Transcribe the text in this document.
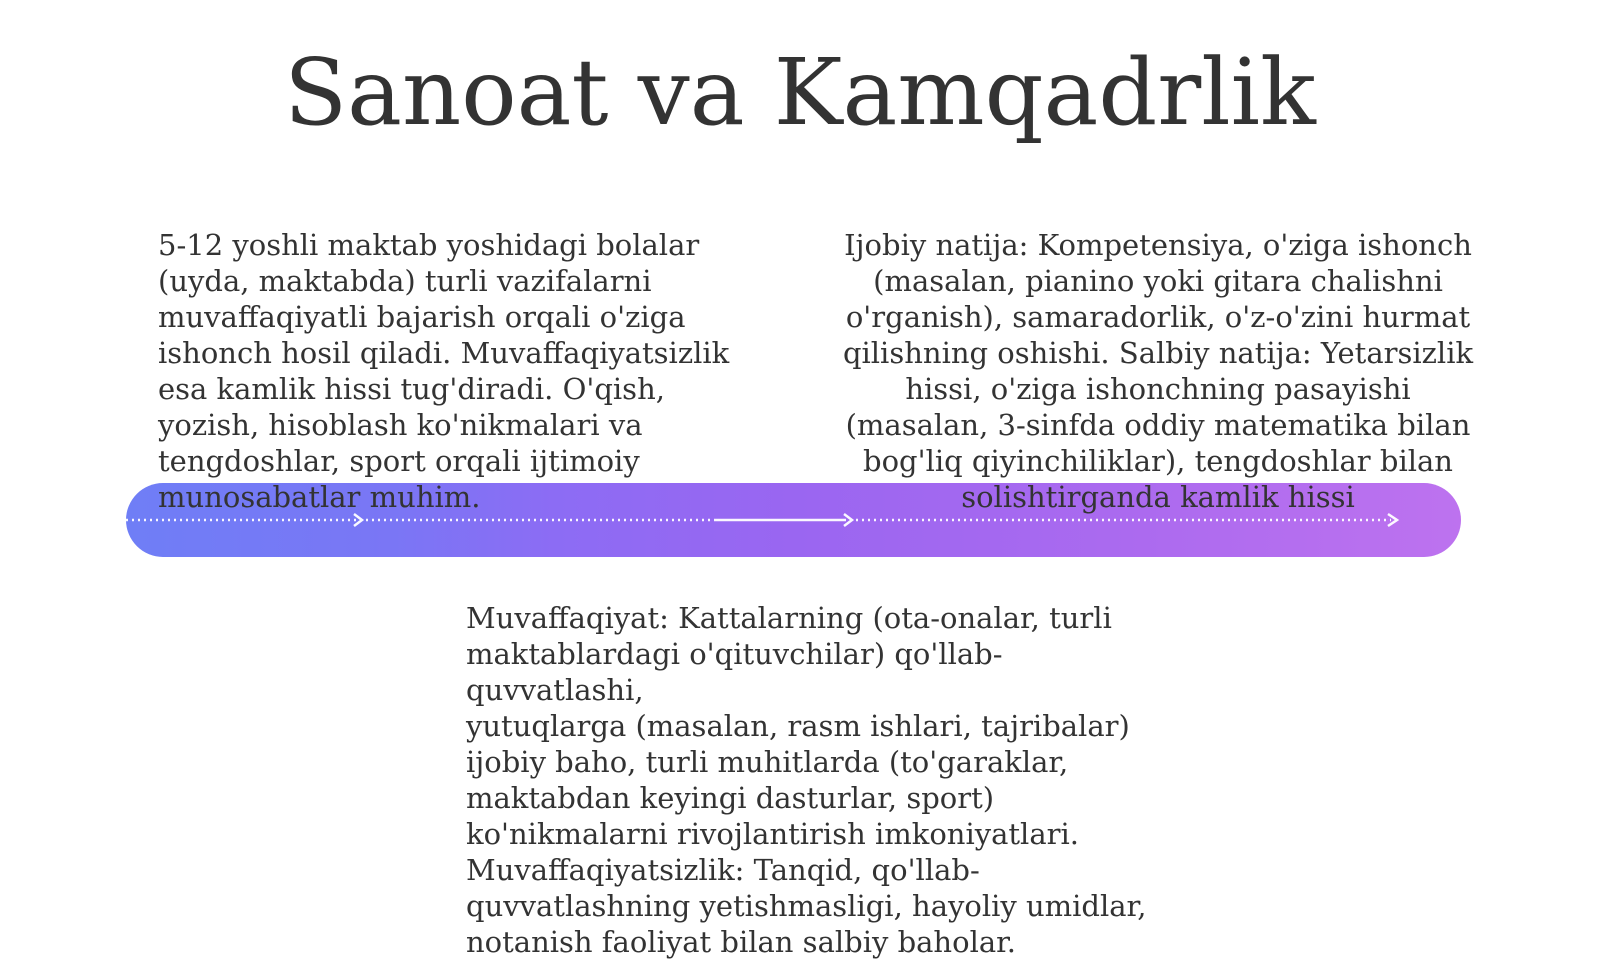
Sanoat va Kamqadrlik
5-12 yoshli maktab yoshidagi bolalar
(uyda, maktabda) turli vazifalarni
muvaffaqiyatli bajarish orqali o'ziga
ishonch hosil qiladi. Muvaffaqiyatsizlik
esa kamlik hissi tug'diradi. O'qish,
yozish, hisoblash ko'nikmalari va
tengdoshlar, sport orqali ijtimoiy
munosabatlar muhim.
Ijobiy natija: Kompetensiya, o'ziga ishonch
(masalan, pianino yoki gitara chalishni
o'rganish), samaradorlik, o'z-o'zini hurmat
qilishning oshishi. Salbiy natija: Yetarsizlik
hissi, o'ziga ishonchning pasayishi
(masalan, 3-sinfda oddiy matematika bilan
bog'liq qiyinchiliklar), tengdoshlar bilan
solishtirganda kamlik hissi
Muvaffaqiyat: Kattalarning (ota-onalar, turli
maktablardagi o'qituvchilar) qo'llab-quvvatlashi,
yutuqlarga (masalan, rasm ishlari, tajribalar)
ijobiy baho, turli muhitlarda (to'garaklar,
maktabdan keyingi dasturlar, sport)
ko'nikmalarni rivojlantirish imkoniyatlari.
Muvaffaqiyatsizlik: Tanqid, qo'llab-
quvvatlashning yetishmasligi, hayoliy umidlar,
notanish faoliyat bilan salbiy baholar.
